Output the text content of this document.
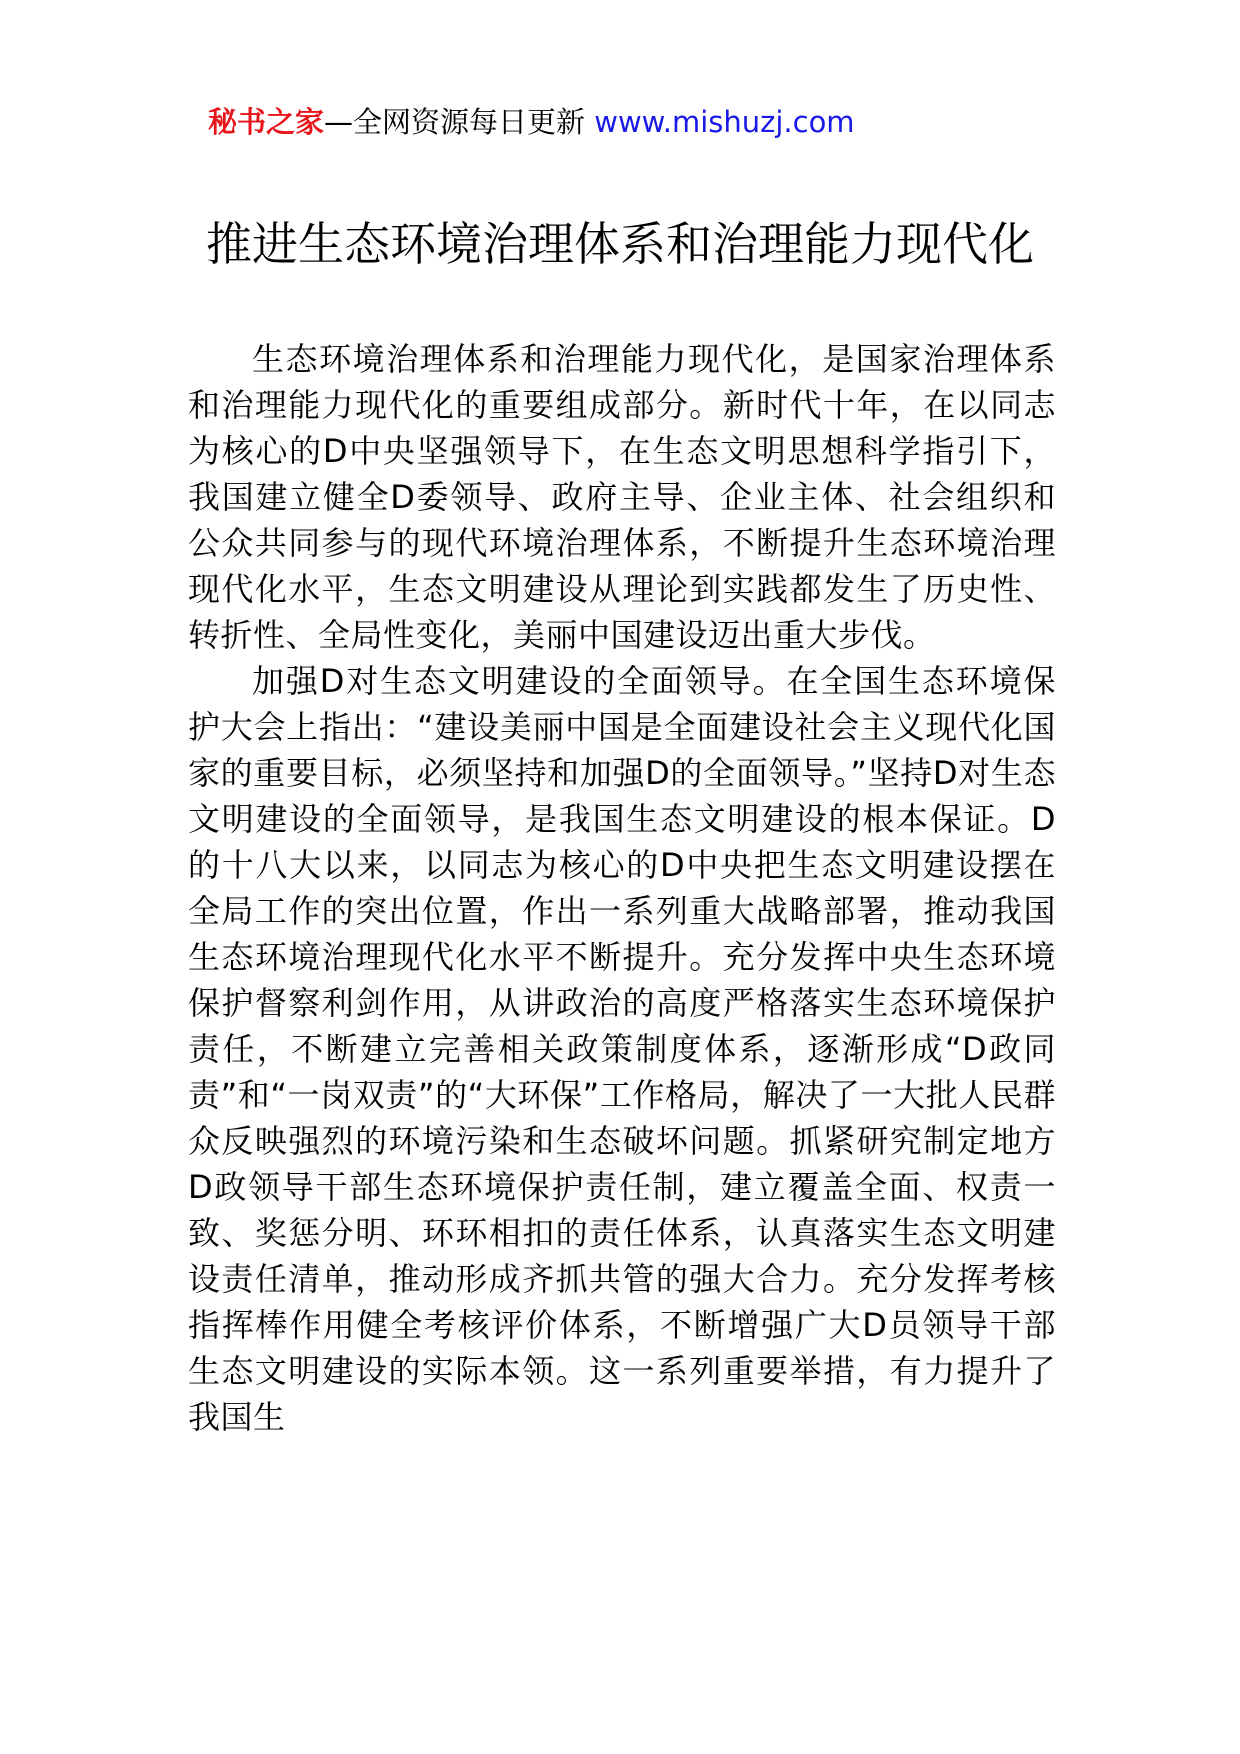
秘书之家—全网资源每日更新 www.mishuzj.com
推进生态环境治理体系和治理能力现代化

生态环境治理体系和治理能力现代化，是国家治理体系和治理能力现代化的重要组成部分。新时代十年，在以同志为核心的D中央坚强领导下，在生态文明思想科学指引下，我国建立健全D委领导、政府主导、企业主体、社会组织和公众共同参与的现代环境治理体系，不断提升生态环境治理现代化水平，生态文明建设从理论到实践都发生了历史性、转折性、全局性变化，美丽中国建设迈出重大步伐。

加强D对生态文明建设的全面领导。在全国生态环境保护大会上指出：“建设美丽中国是全面建设社会主义现代化国家的重要目标，必须坚持和加强D的全面领导。”坚持D对生态文明建设的全面领导，是我国生态文明建设的根本保证。D的十八大以来，以同志为核心的D中央把生态文明建设摆在全局工作的突出位置，作出一系列重大战略部署，推动我国生态环境治理现代化水平不断提升。充分发挥中央生态环境保护督察利剑作用，从讲政治的高度严格落实生态环境保护责任，不断建立完善相关政策制度体系，逐渐形成“D政同责”和“一岗双责”的“大环保”工作格局，解决了一大批人民群众反映强烈的环境污染和生态破坏问题。抓紧研究制定地方D政领导干部生态环境保护责任制，建立覆盖全面、权责一致、奖惩分明、环环相扣的责任体系，认真落实生态文明建设责任清单，推动形成齐抓共管的强大合力。充分发挥考核指挥棒作用健全考核评价体系，不断增强广大D员领导干部生态文明建设的实际本领。这一系列重要举措，有力提升了我国生
